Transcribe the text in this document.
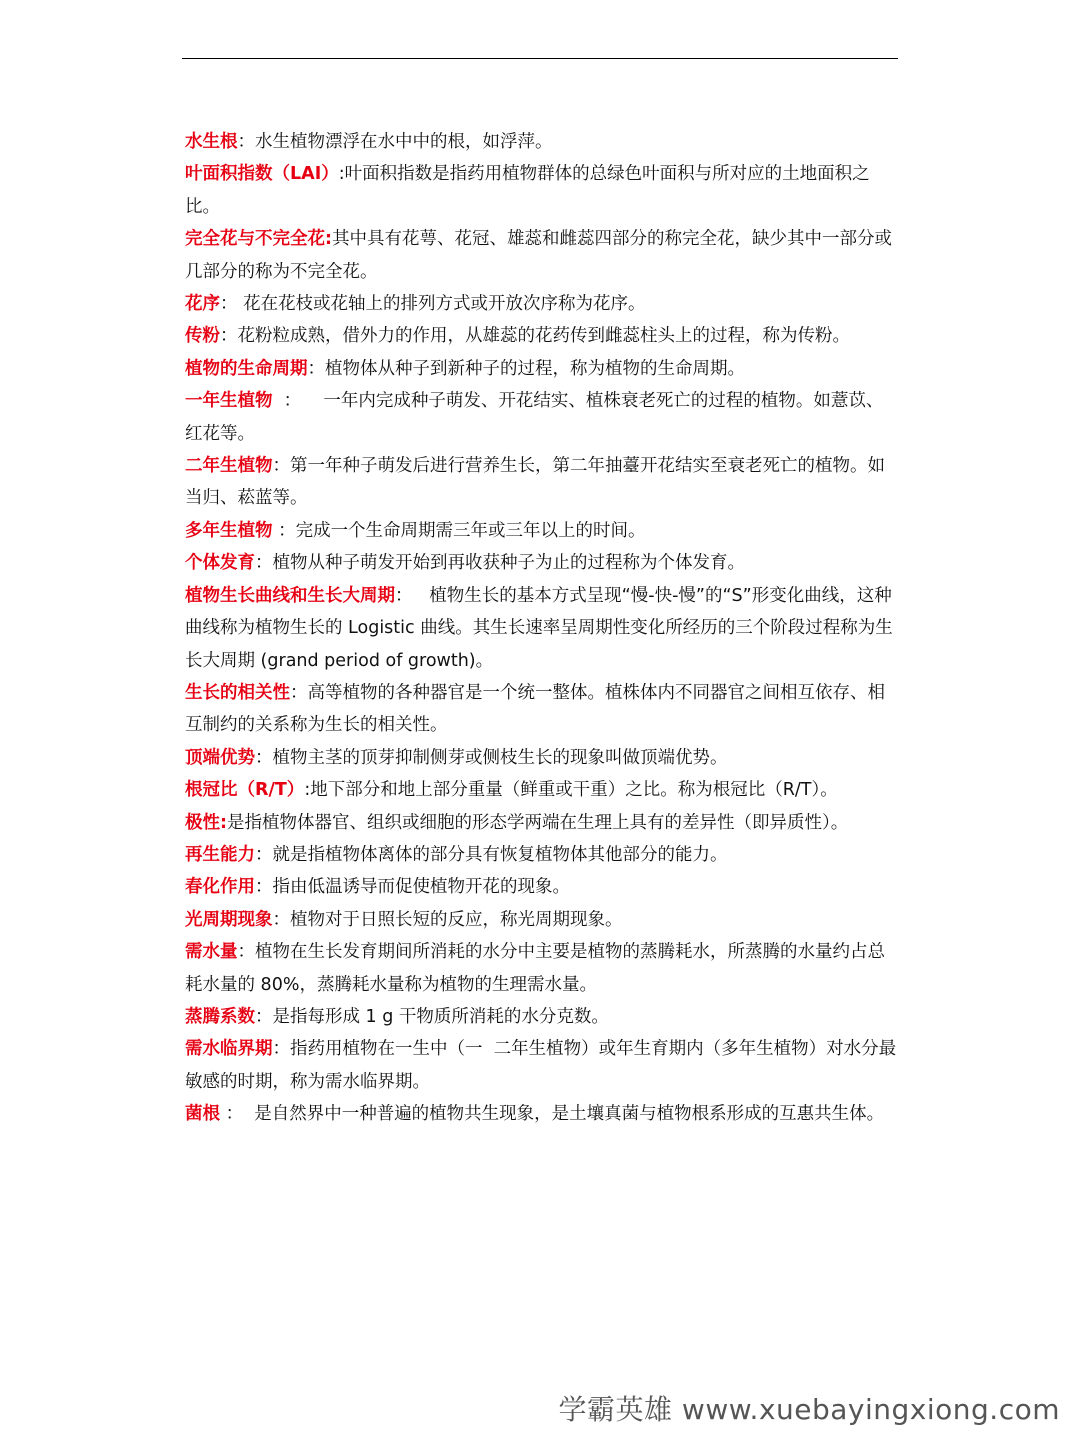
水生根：水生植物漂浮在水中中的根，如浮萍。

叶面积指数（LAI）:叶面积指数是指药用植物群体的总绿色叶面积与所对应的土地面积之比。

完全花与不完全花:其中具有花萼、花冠、雄蕊和雌蕊四部分的称完全花，缺少其中一部分或几部分的称为不完全花。

花序： 花在花枝或花轴上的排列方式或开放次序称为花序。

传粉：花粉粒成熟，借外力的作用，从雄蕊的花药传到雌蕊柱头上的过程，称为传粉。

植物的生命周期：植物体从种子到新种子的过程，称为植物的生命周期。

一年生植物  ：    一年内完成种子萌发、开花结实、植株衰老死亡的过程的植物。如薏苡、红花等。

二年生植物：第一年种子萌发后进行营养生长，第二年抽薹开花结实至衰老死亡的植物。如当归、菘蓝等。

多年生植物 ：完成一个生命周期需三年或三年以上的时间。

个体发育：植物从种子萌发开始到再收获种子为止的过程称为个体发育。

植物生长曲线和生长大周期：   植物生长的基本方式呈现“慢-快-慢”的“S”形变化曲线，这种曲线称为植物生长的 Logistic 曲线。其生长速率呈周期性变化所经历的三个阶段过程称为生长大周期 (grand period of growth)。

生长的相关性：高等植物的各种器官是一个统一整体。植株体内不同器官之间相互依存、相互制约的关系称为生长的相关性。

顶端优势：植物主茎的顶芽抑制侧芽或侧枝生长的现象叫做顶端优势。

根冠比（R/T）:地下部分和地上部分重量（鲜重或干重）之比。称为根冠比（R/T）。

极性:是指植物体器官、组织或细胞的形态学两端在生理上具有的差异性（即异质性）。

再生能力：就是指植物体离体的部分具有恢复植物体其他部分的能力。

春化作用：指由低温诱导而促使植物开花的现象。

光周期现象：植物对于日照长短的反应，称光周期现象。

需水量：植物在生长发育期间所消耗的水分中主要是植物的蒸腾耗水，所蒸腾的水量约占总耗水量的 80%，蒸腾耗水量称为植物的生理需水量。

蒸腾系数：是指每形成 1 g 干物质所消耗的水分克数。

需水临界期：指药用植物在一生中（一  二年生植物）或年生育期内（多年生植物）对水分最敏感的时期，称为需水临界期。

菌根 ：  是自然界中一种普遍的植物共生现象，是土壤真菌与植物根系形成的互惠共生体。

学霸英雄 www.xuebayingxiong.com
